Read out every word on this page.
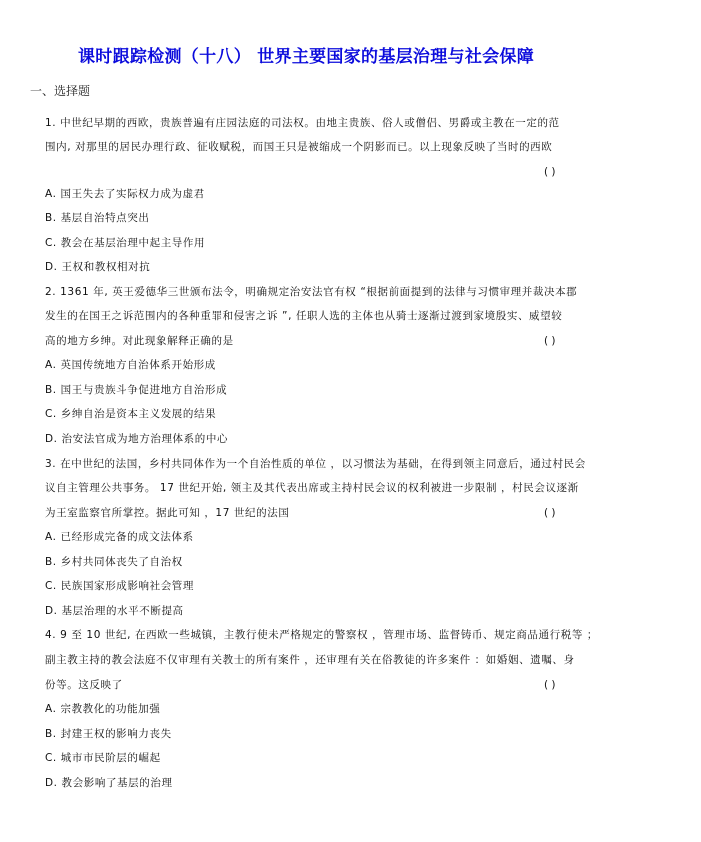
课时跟踪检测（十八） 世界主要国家的基层治理与社会保障
一、选择题
1. 中世纪早期的西欧，贵族普遍有庄园法庭的司法权。由地主贵族、俗人或僧侣、男爵或主教在一定的范
围内, 对那里的居民办理行政、征收赋税，而国王只是被缩成一个阴影而已。以上现象反映了当时的西欧
( )
A. 国王失去了实际权力成为虚君
B. 基层自治特点突出
C. 教会在基层治理中起主导作用
D. 王权和教权相对抗
2. 1361 年, 英王爱德华三世颁布法令，明确规定治安法官有权 “根据前面提到的法律与习惯审理并裁决本郡
发生的在国王之诉范围内的各种重罪和侵害之诉 ”, 任职人选的主体也从骑士逐渐过渡到家境殷实、威望较
高的地方乡绅。对此现象解释正确的是	( )
A. 英国传统地方自治体系开始形成
B. 国王与贵族斗争促进地方自治形成
C. 乡绅自治是资本主义发展的结果
D. 治安法官成为地方治理体系的中心
3. 在中世纪的法国，乡村共同体作为一个自治性质的单位 ，以习惯法为基础，在得到领主同意后，通过村民会
议自主管理公共事务。 17 世纪开始, 领主及其代表出席或主持村民会议的权利被进一步限制 ，村民会议逐渐
为王室监察官所掌控。据此可知 ，17 世纪的法国	( )
A. 已经形成完备的成文法体系
B. 乡村共同体丧失了自治权
C. 民族国家形成影响社会管理
D. 基层治理的水平不断提高
4. 9 至 10 世纪, 在西欧一些城镇，主教行使未严格规定的警察权 ，管理市场、监督铸币、规定商品通行税等 ；
副主教主持的教会法庭不仅审理有关教士的所有案件 ，还审理有关在俗教徒的许多案件 ：如婚姻、遗嘱、身
份等。这反映了	( )
A. 宗教教化的功能加强
B. 封建王权的影响力丧失
C. 城市市民阶层的崛起
D. 教会影响了基层的治理
